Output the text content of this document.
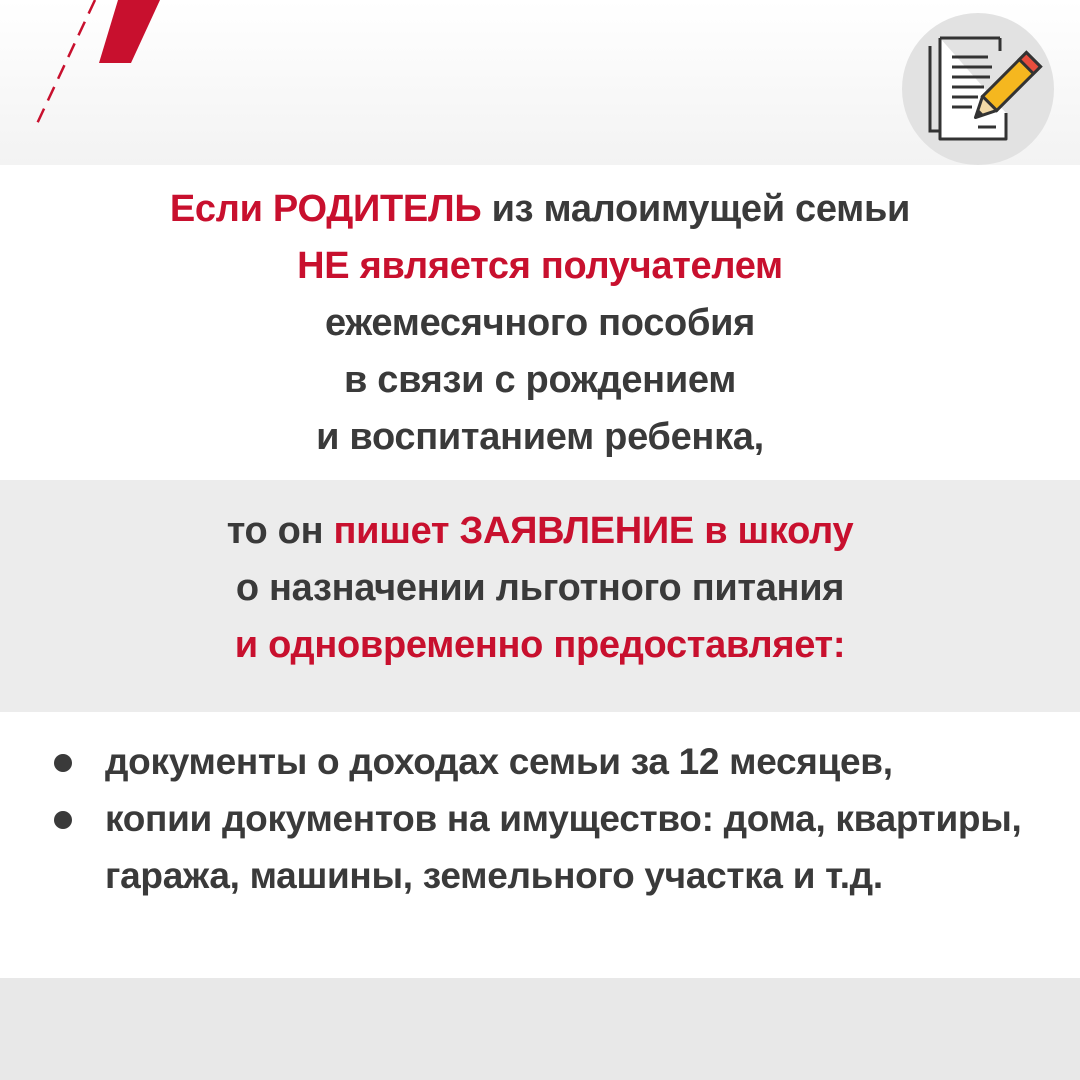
Если РОДИТЕЛЬ из малоимущей семьи
НЕ является получателем
ежемесячного пособия
в связи с рождением
и воспитанием ребенка,
то он пишет ЗАЯВЛЕНИЕ в школу
о назначении льготного питания
и одновременно предоставляет:
документы о доходах семьи за 12 месяцев,
копии документов на имущество: дома, квартиры, гаража, машины, земельного участка и т.д.
